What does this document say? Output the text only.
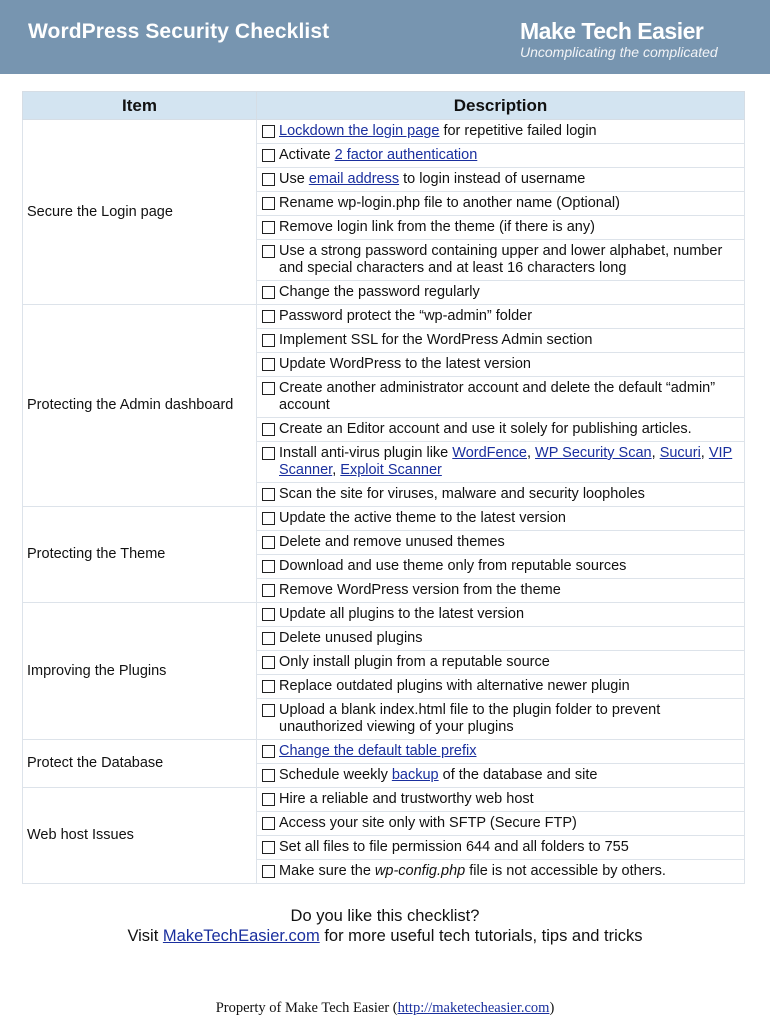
WordPress Security Checklist	Make Tech Easier
Uncomplicating the complicated
Item	Description
Secure the Login page	Lockdown the login page for repetitive failed login

	Activate 2 factor authentication

	Use email address to login instead of username

	Rename wp-login.php file to another name (Optional)

	Remove login link from the theme (if there is any)

	Use a strong password containing upper and lower alphabet, number and special characters and at least 16 characters long

	Change the password regularly

Protecting the Admin dashboard	Password protect the “wp-admin” folder

	Implement SSL for the WordPress Admin section

	Update WordPress to the latest version

	Create another administrator account and delete the default “admin” account

	Create an Editor account and use it solely for publishing articles.

	Install anti-virus plugin like WordFence, WP Security Scan, Sucuri, VIP Scanner, Exploit Scanner

	Scan the site for viruses, malware and security loopholes

Protecting the Theme	Update the active theme to the latest version

	Delete and remove unused themes

	Download and use theme only from reputable sources

	Remove WordPress version from the theme

Improving the Plugins	Update all plugins to the latest version

	Delete unused plugins

	Only install plugin from a reputable source

	Replace outdated plugins with alternative newer plugin

	Upload a blank index.html file to the plugin folder to prevent unauthorized viewing of your plugins

Protect the Database	Change the default table prefix

	Schedule weekly backup of the database and site

Web host Issues	Hire a reliable and trustworthy web host

	Access your site only with SFTP (Secure FTP)

	Set all files to file permission 644 and all folders to 755

	Make sure the wp-config.php file is not accessible by others.
Do you like this checklist?
Visit MakeTechEasier.com for more useful tech tutorials, tips and tricks
Property of Make Tech Easier (http://maketecheasier.com)
